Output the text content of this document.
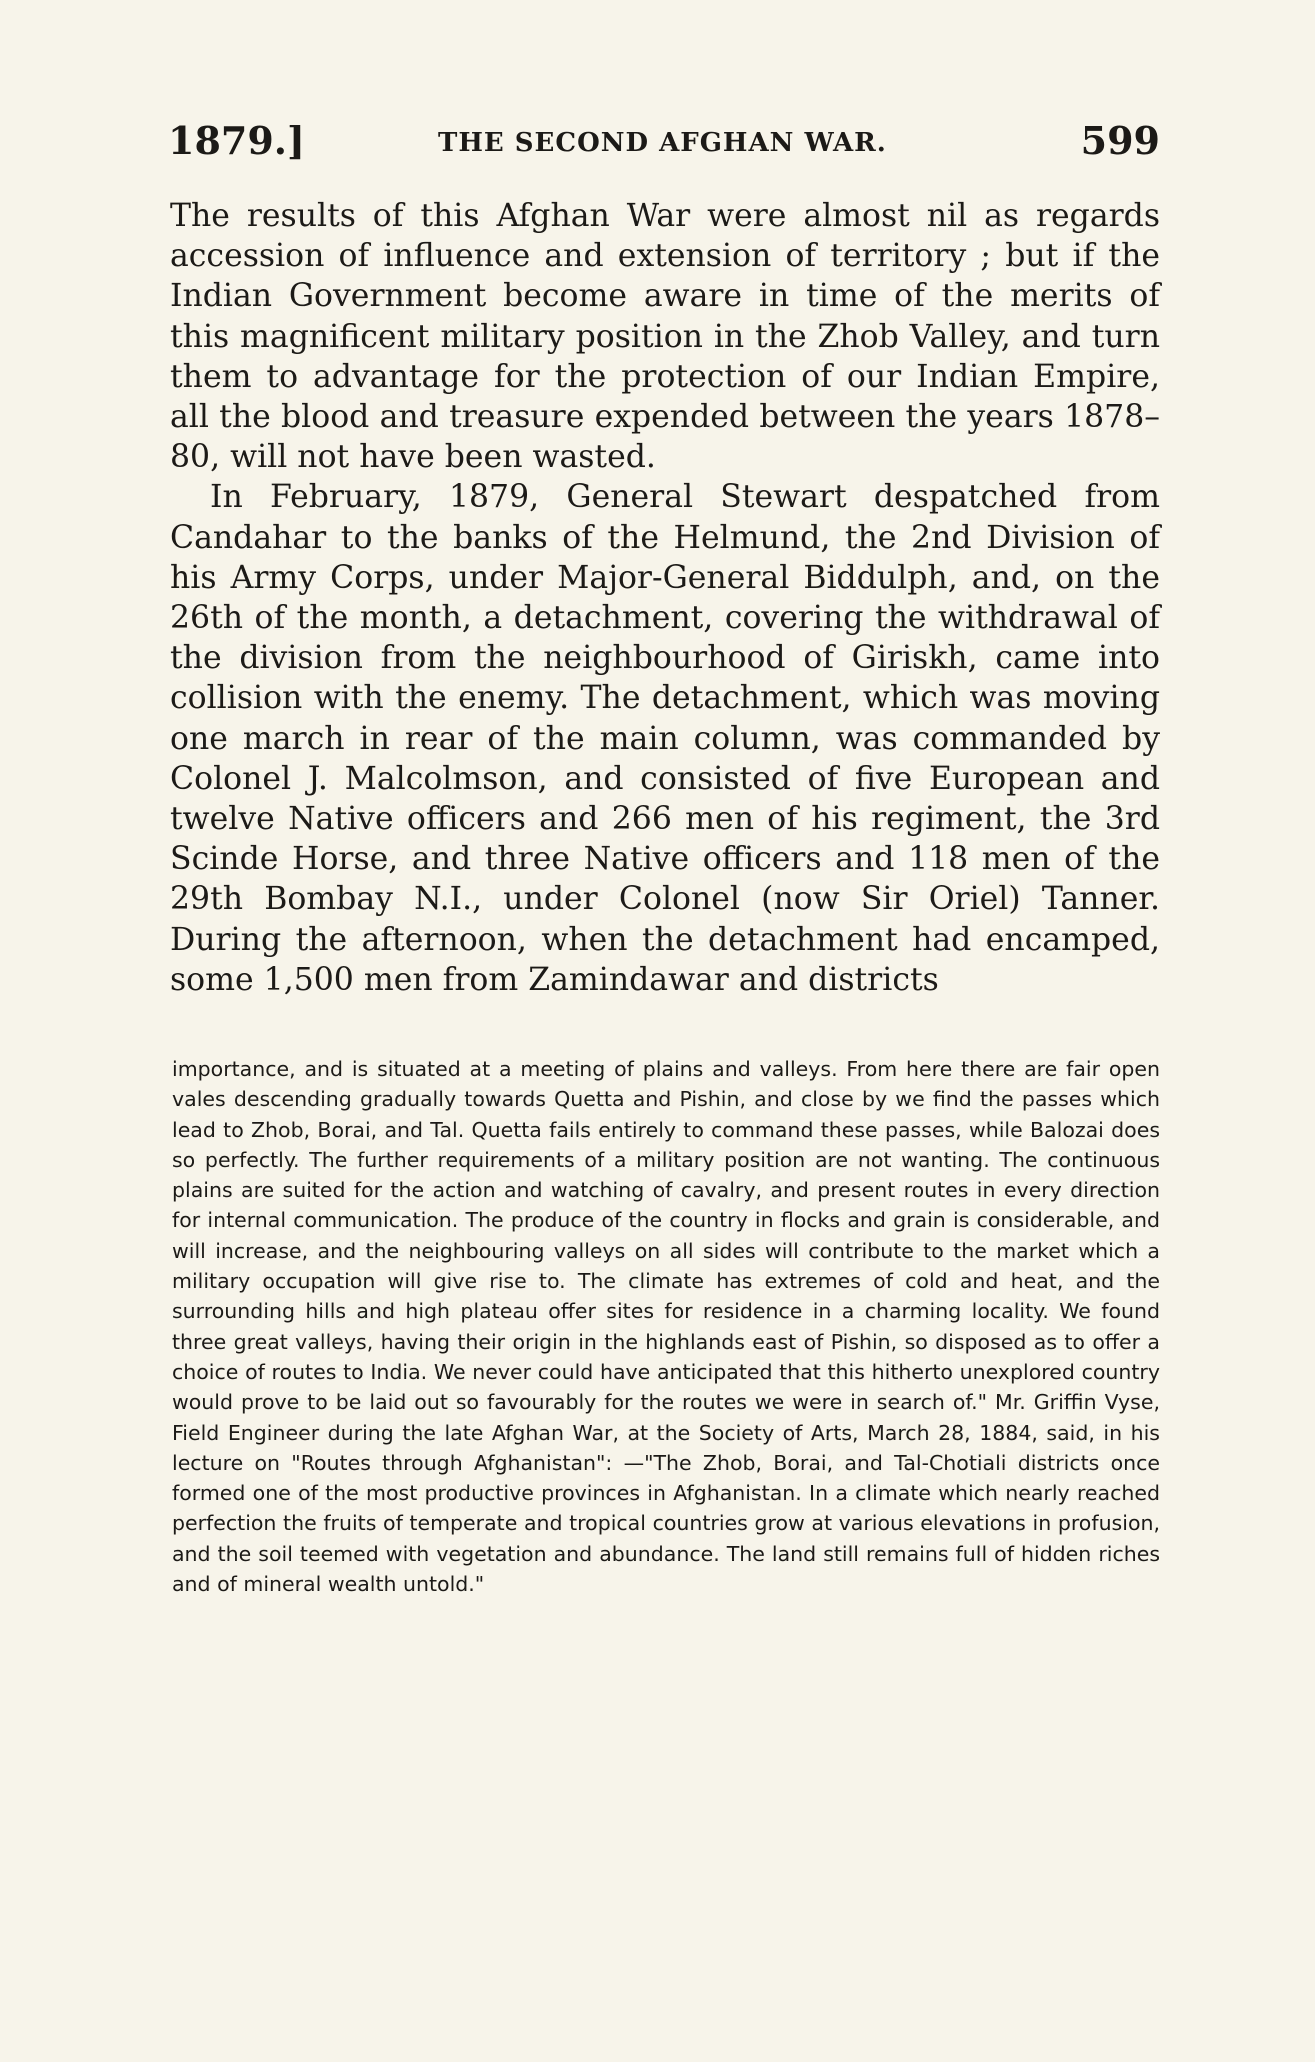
1879.]	THE SECOND AFGHAN WAR.	599

The results of this Afghan War were almost nil as regards accession of influence and extension of territory ; but if the Indian Government become aware in time of the merits of this magnificent military position in the Zhob Valley, and turn them to advantage for the protection of our Indian Empire, all the blood and treasure expended between the years 1878–80, will not have been wasted.

In February, 1879, General Stewart despatched from Candahar to the banks of the Helmund, the 2nd Division of his Army Corps, under Major-General Biddulph, and, on the 26th of the month, a detachment, covering the withdrawal of the division from the neighbourhood of Giriskh, came into collision with the enemy. The detachment, which was moving one march in rear of the main column, was commanded by Colonel J. Malcolmson, and consisted of five European and twelve Native officers and 266 men of his regiment, the 3rd Scinde Horse, and three Native officers and 118 men of the 29th Bombay N.I., under Colonel (now Sir Oriel) Tanner. During the afternoon, when the detachment had encamped, some 1,500 men from Zamindawar and districts

importance, and is situated at a meeting of plains and valleys. From here there are fair open vales descending gradually towards Quetta and Pishin, and close by we find the passes which lead to Zhob, Borai, and Tal. Quetta fails entirely to command these passes, while Balozai does so perfectly. The further requirements of a military position are not wanting. The continuous plains are suited for the action and watching of cavalry, and present routes in every direction for internal communication. The produce of the country in flocks and grain is considerable, and will increase, and the neighbouring valleys on all sides will contribute to the market which a military occupation will give rise to. The climate has extremes of cold and heat, and the surrounding hills and high plateau offer sites for residence in a charming locality. We found three great valleys, having their origin in the highlands east of Pishin, so disposed as to offer a choice of routes to India. We never could have anticipated that this hitherto unexplored country would prove to be laid out so favourably for the routes we were in search of." Mr. Griffin Vyse, Field Engineer during the late Afghan War, at the Society of Arts, March 28, 1884, said, in his lecture on "Routes through Afghanistan": —"The Zhob, Borai, and Tal-Chotiali districts once formed one of the most productive provinces in Afghanistan. In a climate which nearly reached perfection the fruits of temperate and tropical countries grow at various elevations in profusion, and the soil teemed with vegetation and abundance. The land still remains full of hidden riches and of mineral wealth untold."
